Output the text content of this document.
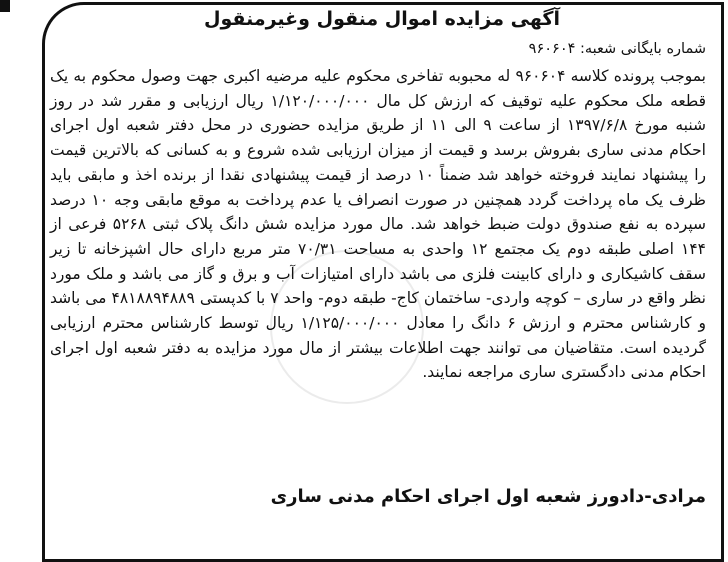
آگهی مزایده اموال منقول وغیرمنقول
شماره بایگانی شعبه: ۹۶۰۶۰۴
بموجب پرونده کلاسه ۹۶۰۶۰۴ له محبوبه تفاخری محکوم علیه مرضیه اکبری جهت وصول محکوم به یک قطعه ملک محکوم علیه توقیف که ارزش کل مال ۱/۱۲۰/۰۰۰/۰۰۰ ریال ارزیابی و مقرر شد در روز شنبه مورخ ۱۳۹۷/۶/۸ از ساعت ۹ الی ۱۱ از طریق مزایده حضوری در محل دفتر شعبه اول اجرای احکام مدنی ساری بفروش برسد و قیمت از میزان ارزیابی شده شروع و به کسانی که بالاترین قیمت را پیشنهاد نمایند فروخته خواهد شد ضمناً ۱۰ درصد از قیمت پیشنهادی نقدا از برنده اخذ و مابقی باید ظرف یک ماه پرداخت گردد همچنین در صورت انصراف یا عدم پرداخت به موقع مابقی وجه ۱۰ درصد سپرده به نفع صندوق دولت ضبط خواهد شد. مال مورد مزایده شش دانگ پلاک ثبتی ۵۲۶۸ فرعی از ۱۴۴ اصلی طبقه دوم یک مجتمع ۱۲ واحدی به مساحت ۷۰/۳۱ متر مربع دارای حال اشپزخانه تا زیر سقف کاشیکاری و دارای کابینت فلزی می باشد دارای امتیازات آب و برق و گاز می باشد و ملک مورد نظر واقع در ساری – کوچه واردی- ساختمان کاج- طبقه دوم- واحد ۷ با کدپستی ۴۸۱۸۸۹۴۸۸۹ می باشد و کارشناس محترم و ارزش ۶ دانگ را معادل ۱/۱۲۵/۰۰۰/۰۰۰ ریال توسط کارشناس محترم ارزیابی گردیده است. متقاضیان می توانند جهت اطلاعات بیشتر از مال مورد مزایده به دفتر شعبه اول اجرای احکام مدنی دادگستری ساری مراجعه نمایند.
مرادی-دادورز شعبه اول اجرای احکام مدنی ساری
